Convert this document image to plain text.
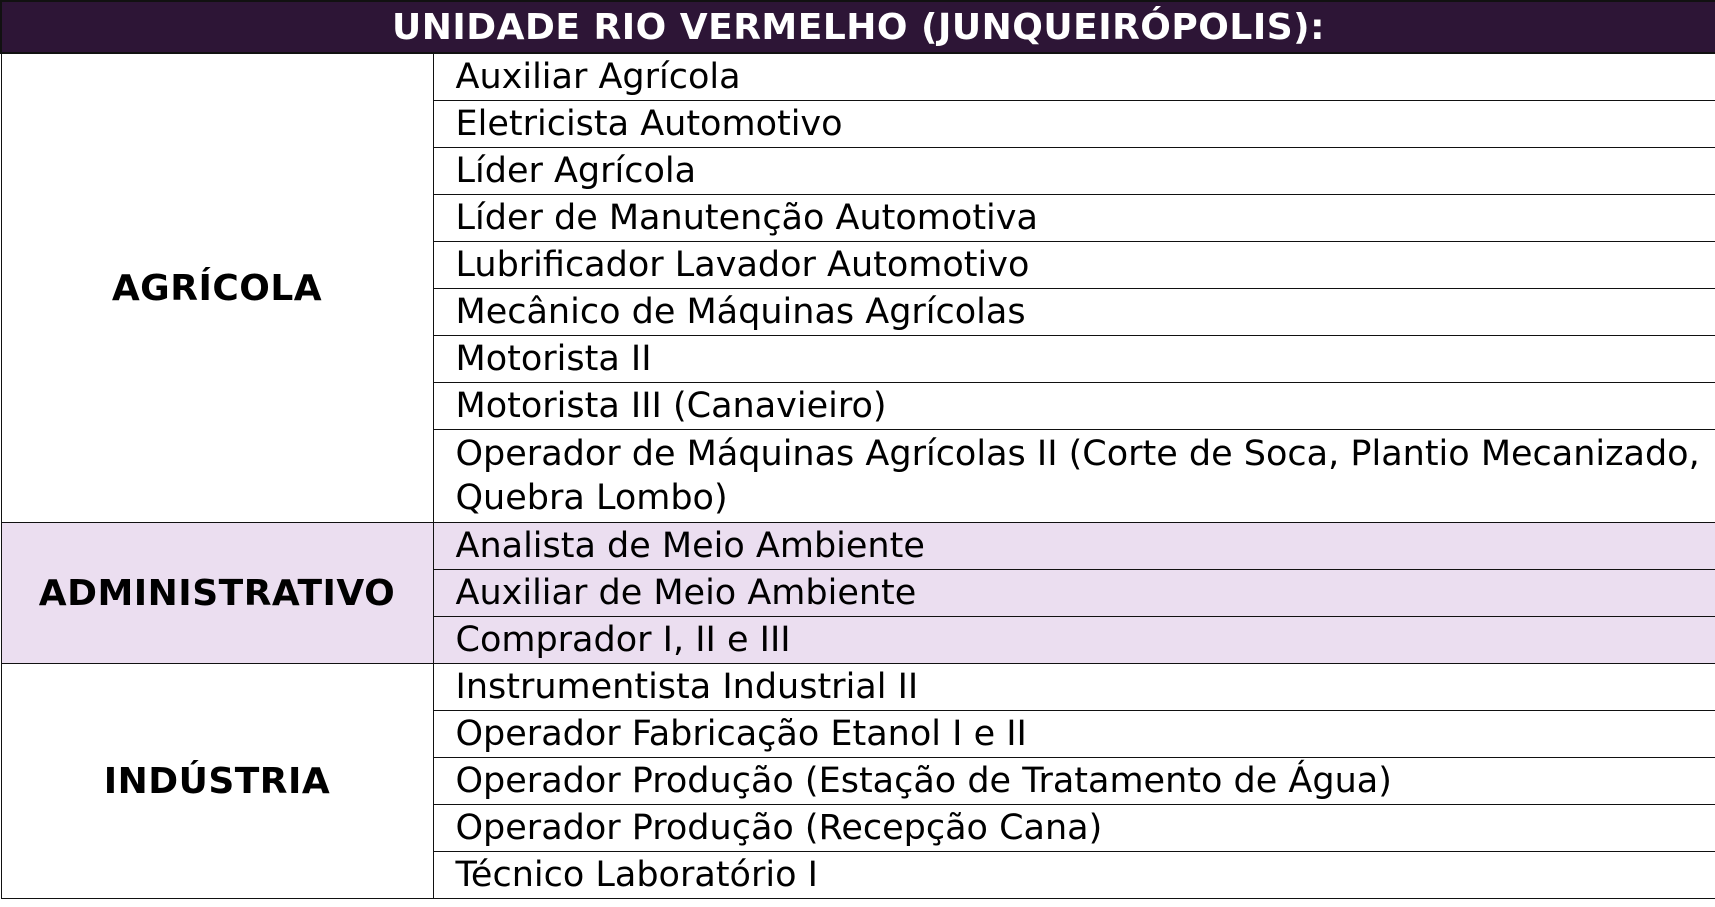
UNIDADE RIO VERMELHO (JUNQUEIRÓPOLIS):	
AGRÍCOLA	Auxiliar Agrícola
	Eletricista Automotivo
	Líder Agrícola
	Líder de Manutenção Automotiva
	Lubrificador Lavador Automotivo
	Mecânico de Máquinas Agrícolas
	Motorista II
	Motorista III (Canavieiro)
	Operador de Máquinas Agrícolas II (Corte de Soca, Plantio Mecanizado, Quebra Lombo)
ADMINISTRATIVO	Analista de Meio Ambiente
	Auxiliar de Meio Ambiente
	Comprador I, II e III
INDÚSTRIA	Instrumentista Industrial II
	Operador Fabricação Etanol I e II
	Operador Produção (Estação de Tratamento de Água)
	Operador Produção (Recepção Cana)
	Técnico Laboratório I
